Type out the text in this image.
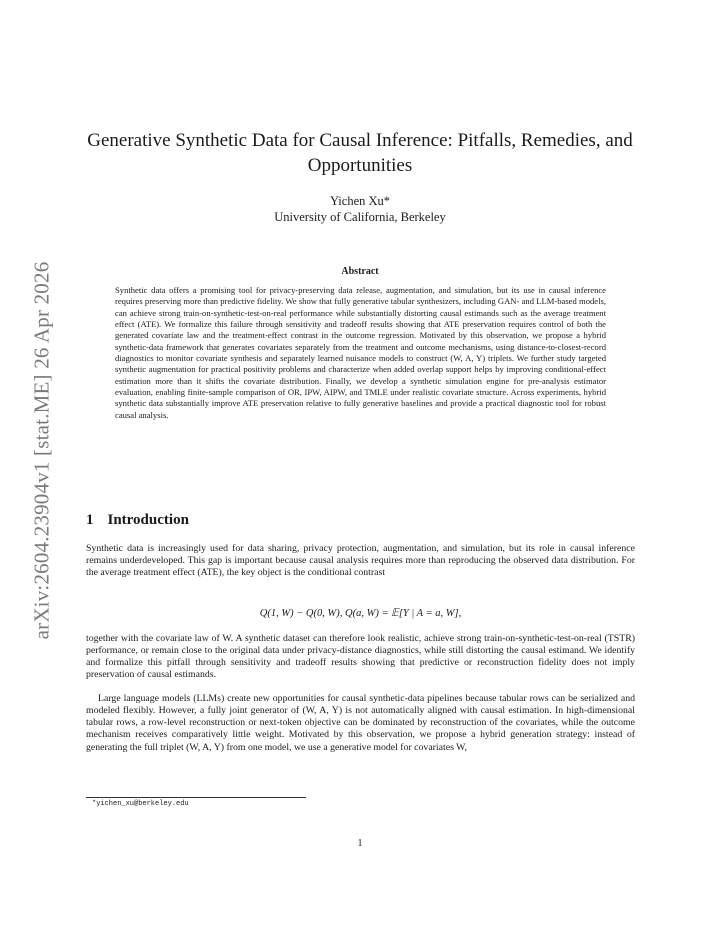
arXiv:2604.23904v1 [stat.ME] 26 Apr 2026
Generative Synthetic Data for Causal Inference: Pitfalls, Remedies, and Opportunities
Yichen Xu*
University of California, Berkeley
Abstract

Synthetic data offers a promising tool for privacy-preserving data release, augmentation, and simulation, but its use in causal inference requires preserving more than predictive fidelity. We show that fully generative tabular synthesizers, including GAN- and LLM-based models, can achieve strong train-on-synthetic-test-on-real performance while substantially distorting causal estimands such as the average treatment effect (ATE). We formalize this failure through sensitivity and tradeoff results showing that ATE preservation requires control of both the generated covariate law and the treatment-effect contrast in the outcome regression. Motivated by this observation, we propose a hybrid synthetic-data framework that generates covariates separately from the treatment and outcome mechanisms, using distance-to-closest-record diagnostics to monitor covariate synthesis and separately learned nuisance models to construct (W, A, Y) triplets. We further study targeted synthetic augmentation for practical positivity problems and characterize when added overlap support helps by improving conditional-effect estimation more than it shifts the covariate distribution. Finally, we develop a synthetic simulation engine for pre-analysis estimator evaluation, enabling finite-sample comparison of OR, IPW, AIPW, and TMLE under realistic covariate structure. Across experiments, hybrid synthetic data substantially improve ATE preservation relative to fully generative baselines and provide a practical diagnostic tool for robust causal analysis.

1 Introduction

Synthetic data is increasingly used for data sharing, privacy protection, augmentation, and simulation, but its role in causal inference remains underdeveloped. This gap is important because causal analysis requires more than reproducing the observed data distribution. For the average treatment effect (ATE), the key object is the conditional contrast

Q(1, W) − Q(0, W), Q(a, W) = 𝔼[Y | A = a, W],

together with the covariate law of W. A synthetic dataset can therefore look realistic, achieve strong train-on-synthetic-test-on-real (TSTR) performance, or remain close to the original data under privacy-distance diagnostics, while still distorting the causal estimand. We identify and formalize this pitfall through sensitivity and tradeoff results showing that predictive or reconstruction fidelity does not imply preservation of causal estimands.

Large language models (LLMs) create new opportunities for causal synthetic-data pipelines because tabular rows can be serialized and modeled flexibly. However, a fully joint generator of (W, A, Y) is not automatically aligned with causal estimation. In high-dimensional tabular rows, a row-level reconstruction or next-token objective can be dominated by reconstruction of the covariates, while the outcome mechanism receives comparatively little weight. Motivated by this observation, we propose a hybrid generation strategy: instead of generating the full triplet (W, A, Y) from one model, we use a generative model for covariates W,

*yichen_xu@berkeley.edu
1
